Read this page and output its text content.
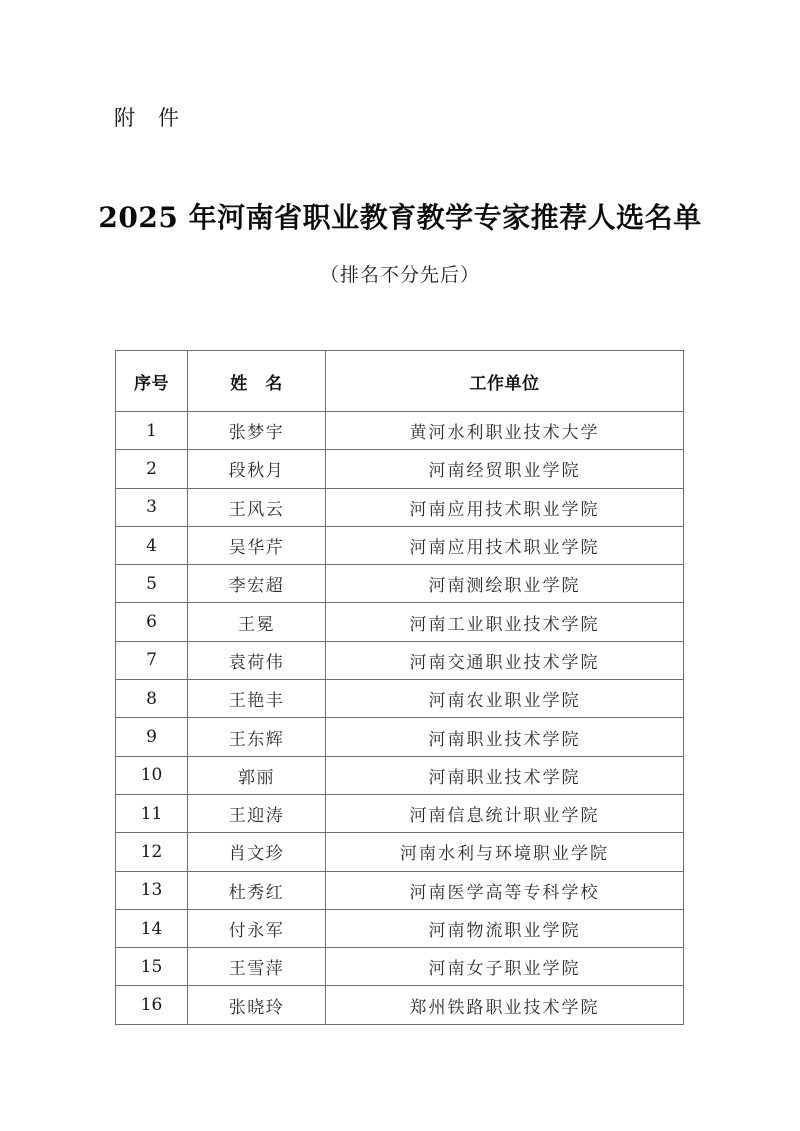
附　件
2025 年河南省职业教育教学专家推荐人选名单
（排名不分先后）
序号	姓　名	工作单位
1	张梦宇	黄河水利职业技术大学
2	段秋月	河南经贸职业学院
3	王风云	河南应用技术职业学院
4	吴华芹	河南应用技术职业学院
5	李宏超	河南测绘职业学院
6	王冕	河南工业职业技术学院
7	袁荷伟	河南交通职业技术学院
8	王艳丰	河南农业职业学院
9	王东辉	河南职业技术学院
10	郭丽	河南职业技术学院
11	王迎涛	河南信息统计职业学院
12	肖文珍	河南水利与环境职业学院
13	杜秀红	河南医学高等专科学校
14	付永军	河南物流职业学院
15	王雪萍	河南女子职业学院
16	张晓玲	郑州铁路职业技术学院
